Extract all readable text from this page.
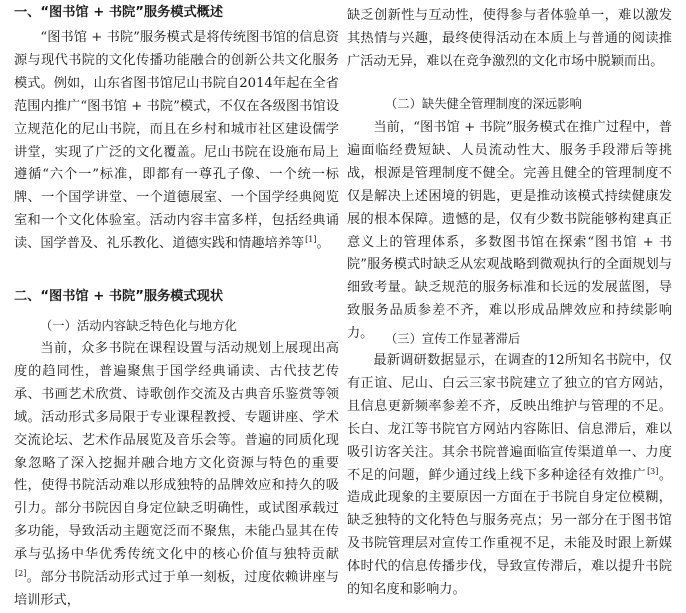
一、“图书馆 + 书院”服务模式概述

“图书馆 + 书院”服务模式是将传统图书馆的信息资源与现代书院的文化传播功能融合的创新公共文化服务模式。例如，山东省图书馆尼山书院自2014年起在全省范围内推广“图书馆 + 书院”模式，不仅在各级图书馆设立规范化的尼山书院，而且在乡村和城市社区建设儒学讲堂，实现了广泛的文化覆盖。尼山书院在设施布局上遵循“六个一”标准，即都有一尊孔子像、一个统一标牌、一个国学讲堂、一个道德展室、一个国学经典阅览室和一个文化体验室。活动内容丰富多样，包括经典诵读、国学普及、礼乐教化、道德实践和情趣培养等[1]。

二、“图书馆 + 书院”服务模式现状
（一）活动内容缺乏特色化与地方化

当前，众多书院在课程设置与活动规划上展现出高度的趋同性，普遍聚焦于国学经典诵读、古代技艺传承、书画艺术欣赏、诗歌创作交流及古典音乐鉴赏等领域。活动形式多局限于专业课程教授、专题讲座、学术交流论坛、艺术作品展览及音乐会等。普遍的同质化现象忽略了深入挖掘并融合地方文化资源与特色的重要性，使得书院活动难以形成独特的品牌效应和持久的吸引力。部分书院因自身定位缺乏明确性，或试图承载过多功能，导致活动主题宽泛而不聚焦，未能凸显其在传承与弘扬中华优秀传统文化中的核心价值与独特贡献[2]。部分书院活动形式过于单一刻板，过度依赖讲座与培训形式，

缺乏创新性与互动性，使得参与者体验单一，难以激发其热情与兴趣，最终使得活动在本质上与普通的阅读推广活动无异，难以在竞争激烈的文化市场中脱颖而出。

（二）缺失健全管理制度的深远影响

当前，“图书馆 + 书院”服务模式在推广过程中，普遍面临经费短缺、人员流动性大、服务手段滞后等挑战，根源是管理制度不健全。完善且健全的管理制度不仅是解决上述困境的钥匙，更是推动该模式持续健康发展的根本保障。遗憾的是，仅有少数书院能够构建真正意义上的管理体系，多数图书馆在探索“图书馆 + 书院”服务模式时缺乏从宏观战略到微观执行的全面规划与细致考量。缺乏规范的服务标准和长远的发展蓝图，导致服务品质参差不齐，难以形成品牌效应和持续影响力。 （三）宣传工作显著滞后

最新调研数据显示，在调查的12所知名书院中，仅有正谊、尼山、白云三家书院建立了独立的官方网站，且信息更新频率参差不齐，反映出维护与管理的不足。长白、龙江等书院官方网站内容陈旧、信息滞后，难以吸引访客关注。其余书院普遍面临宣传渠道单一、力度不足的问题，鲜少通过线上线下多种途径有效推广[3]。造成此现象的主要原因一方面在于书院自身定位模糊，缺乏独特的文化特色与服务亮点；另一部分在于图书馆及书院管理层对宣传工作重视不足，未能及时跟上新媒体时代的信息传播步伐，导致宣传滞后，难以提升书院的知名度和影响力。
